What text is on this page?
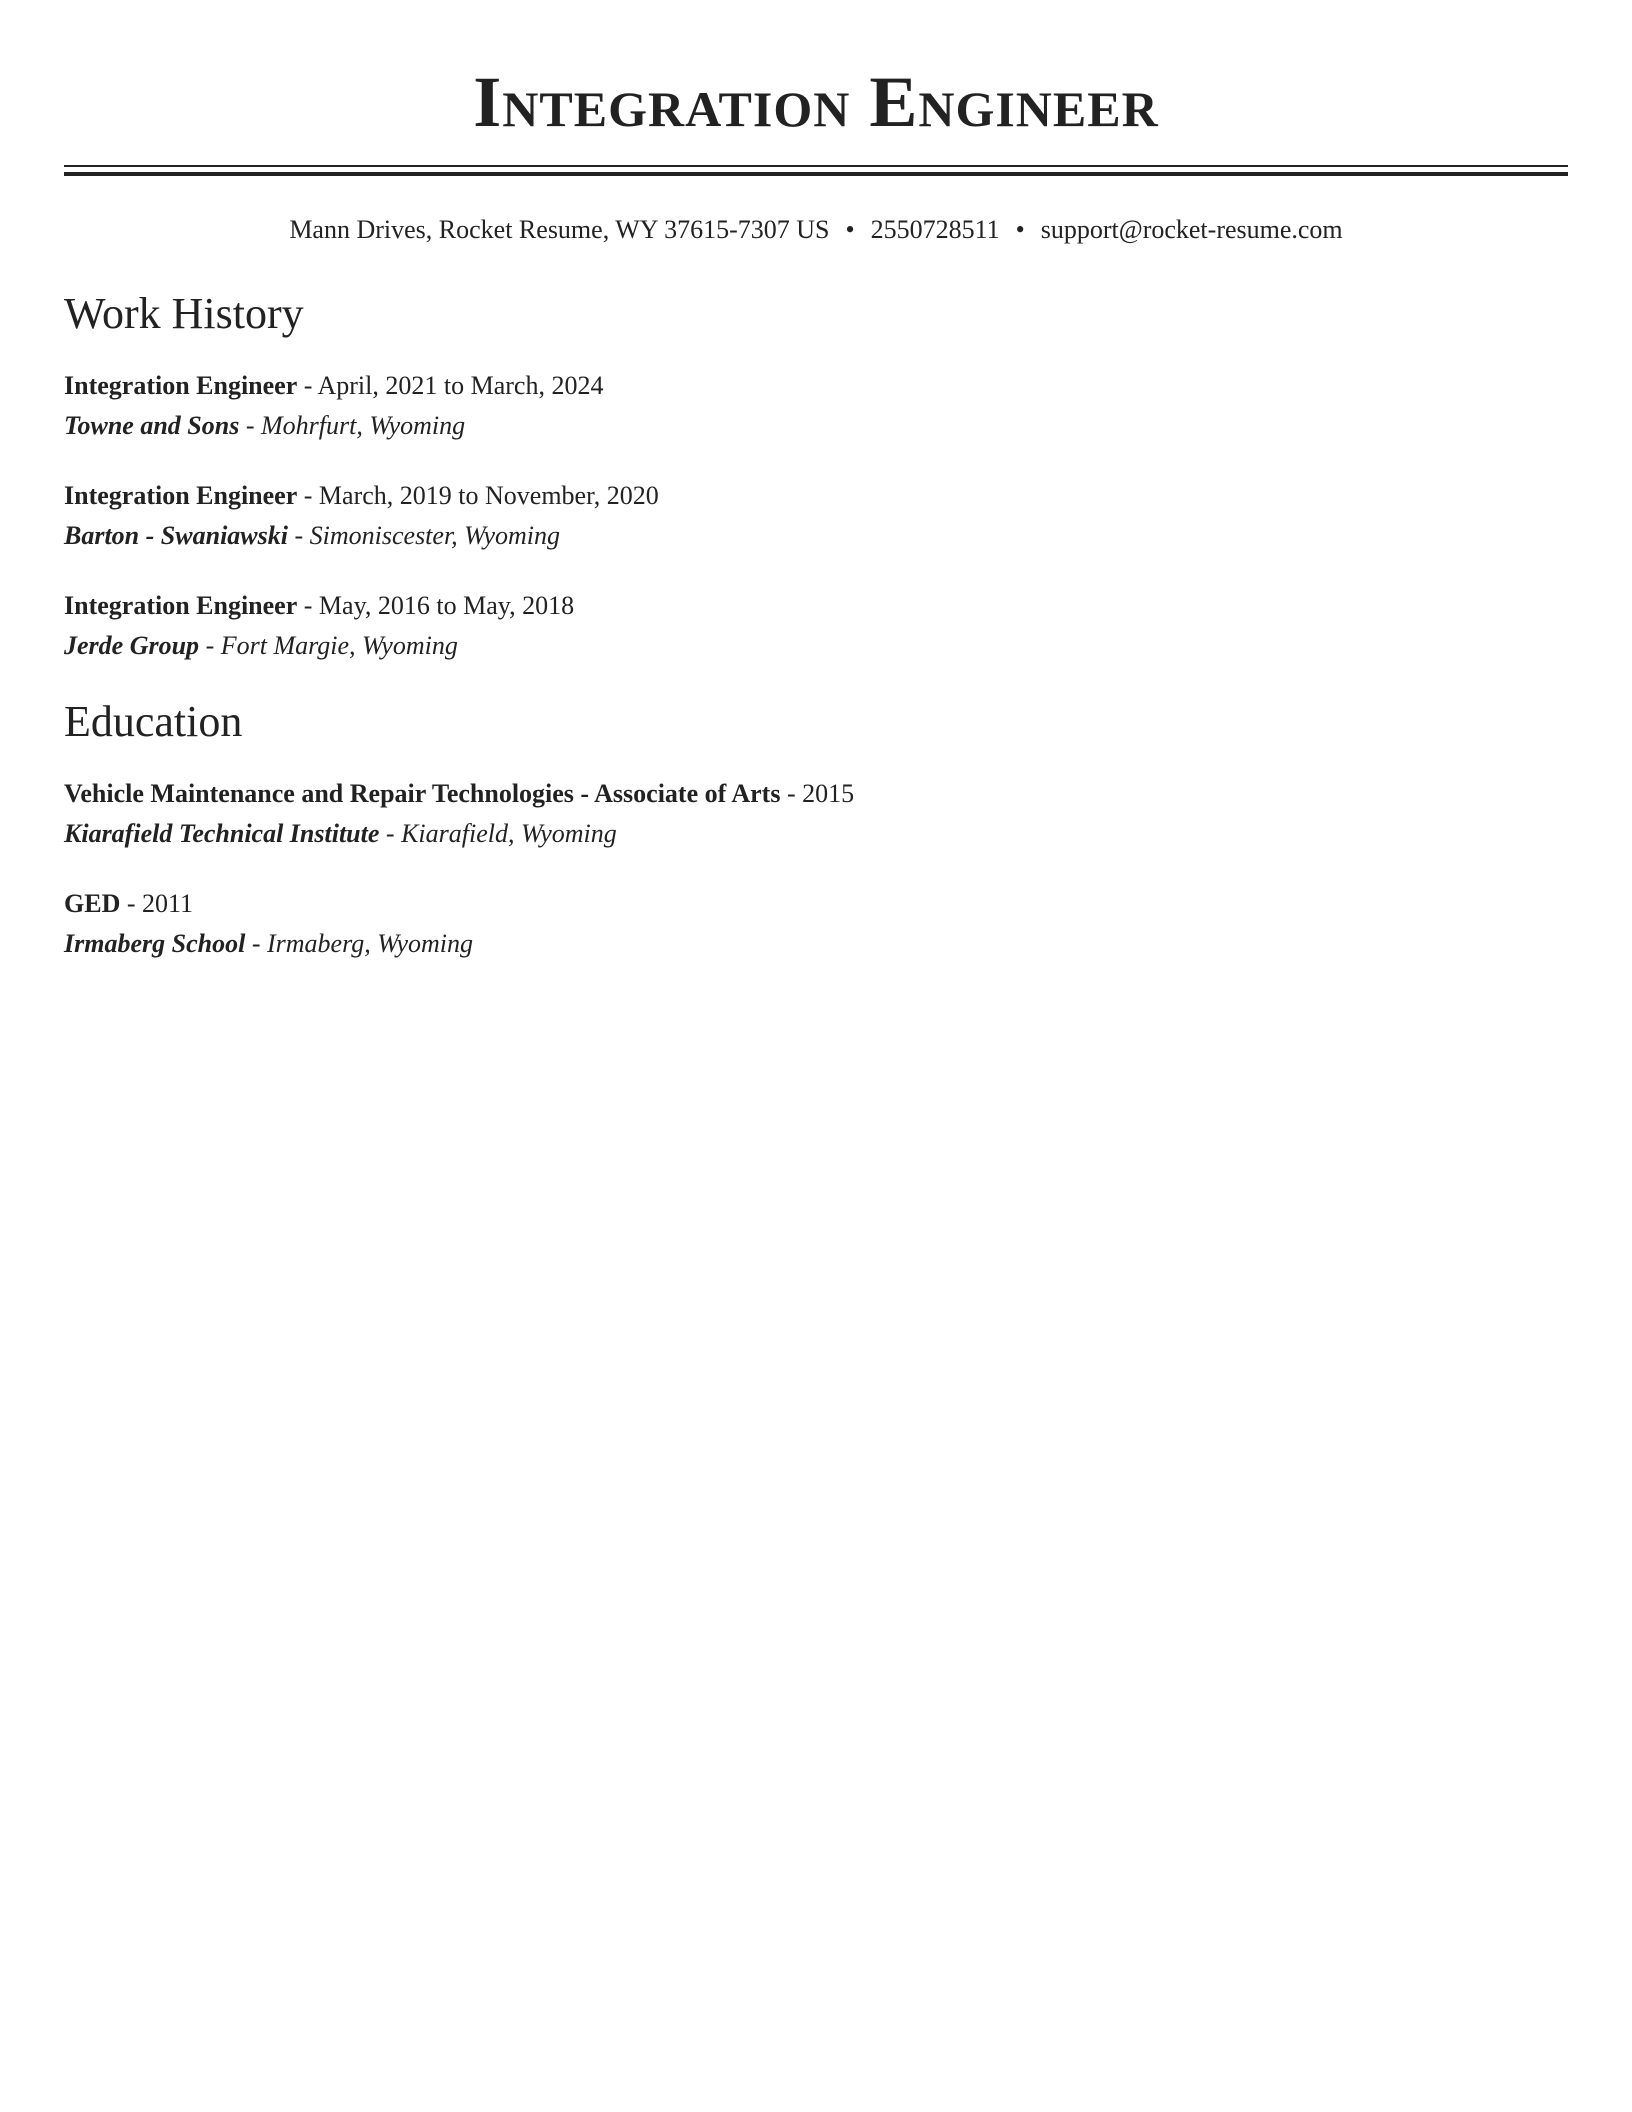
Integration Engineer
Mann Drives, Rocket Resume, WY 37615-7307 US • 2550728511 • support@rocket-resume.com
Work History
Integration Engineer - April, 2021 to March, 2024
Towne and Sons - Mohrfurt, Wyoming
Integration Engineer - March, 2019 to November, 2020
Barton - Swaniawski - Simoniscester, Wyoming
Integration Engineer - May, 2016 to May, 2018
Jerde Group - Fort Margie, Wyoming
Education
Vehicle Maintenance and Repair Technologies - Associate of Arts - 2015
Kiarafield Technical Institute - Kiarafield, Wyoming
GED - 2011
Irmaberg School - Irmaberg, Wyoming
